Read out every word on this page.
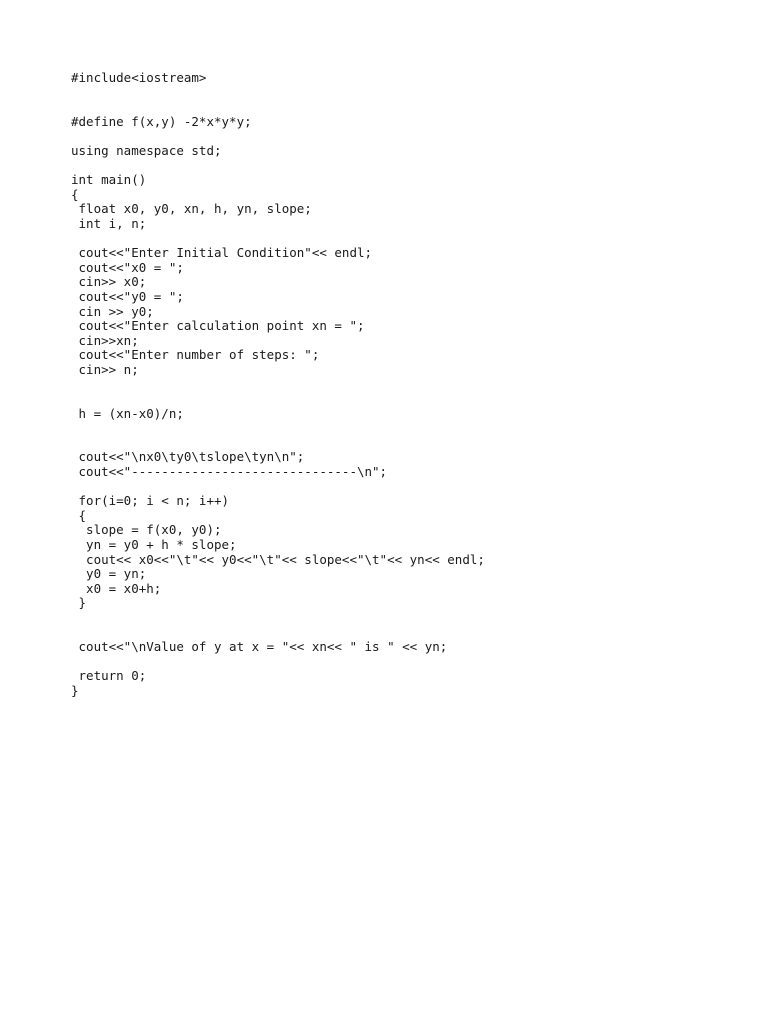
#include<iostream>
#define f(x,y) -2*x*y*y;
using namespace std;
int main()
{
float x0, y0, xn, h, yn, slope;
int i, n;
cout<<"Enter Initial Condition"<< endl;
cout<<"x0 = ";
cin>> x0;
cout<<"y0 = ";
cin >> y0;
cout<<"Enter calculation point xn = ";
cin>>xn;
cout<<"Enter number of steps: ";
cin>> n;
h = (xn-x0)/n;
cout<<"\nx0\ty0\tslope\tyn\n";
cout<<"------------------------------\n";
for(i=0; i < n; i++)
{
slope = f(x0, y0);
yn = y0 + h * slope;
cout<< x0<<"\t"<< y0<<"\t"<< slope<<"\t"<< yn<< endl;
y0 = yn;
x0 = x0+h;
}
cout<<"\nValue of y at x = "<< xn<< " is " << yn;
return 0;
}
